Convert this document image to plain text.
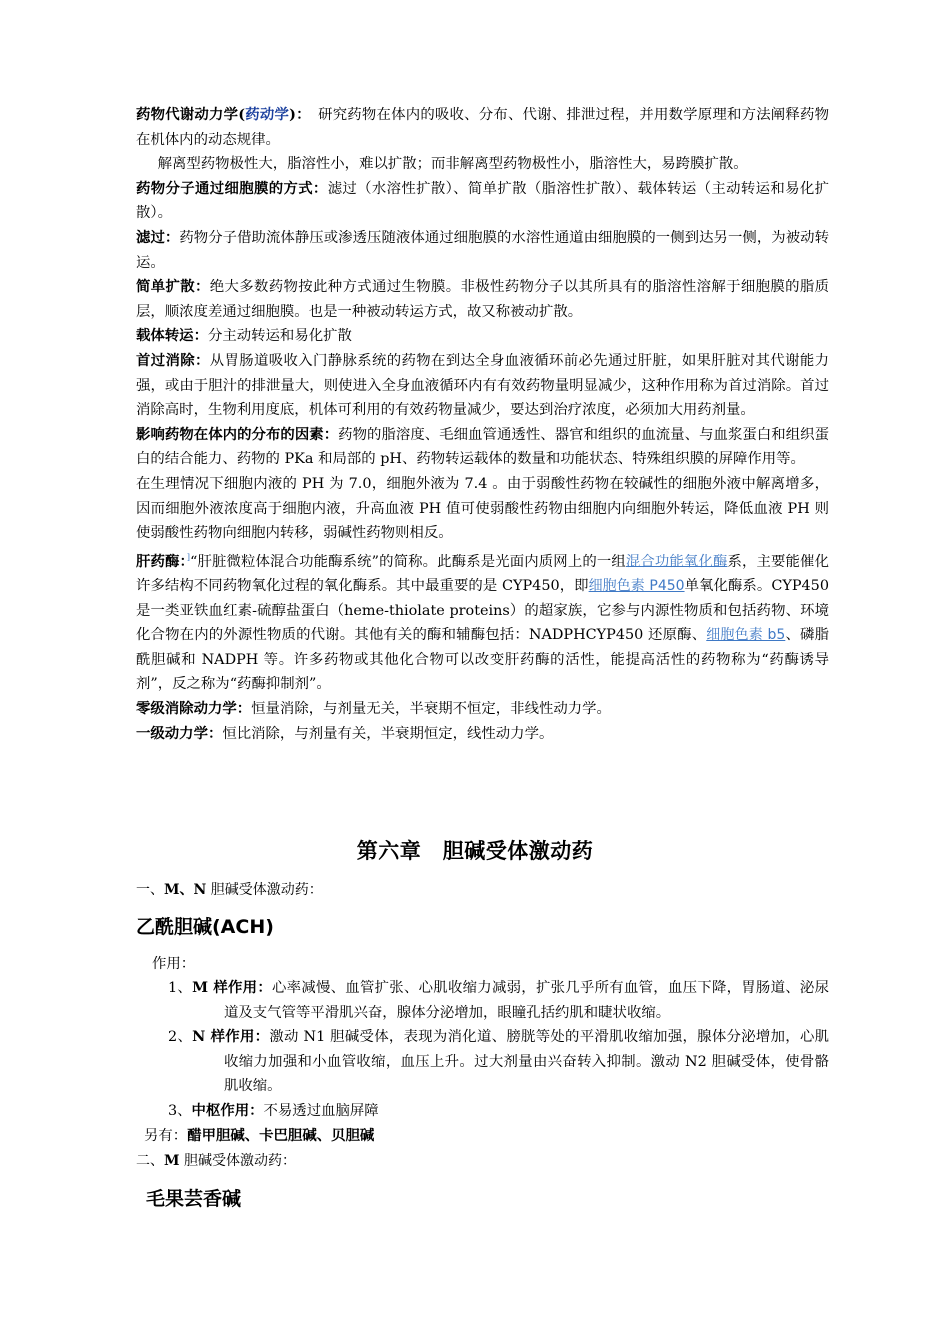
药物代谢动力学(药动学)：　研究药物在体内的吸收、分布、代谢、排泄过程，并用数学原理和方法阐释药物在机体内的动态规律。

解离型药物极性大，脂溶性小，难以扩散；而非解离型药物极性小，脂溶性大，易跨膜扩散。

药物分子通过细胞膜的方式：滤过（水溶性扩散）、简单扩散（脂溶性扩散）、载体转运（主动转运和易化扩散）。

滤过：药物分子借助流体静压或渗透压随液体通过细胞膜的水溶性通道由细胞膜的一侧到达另一侧，为被动转运。

简单扩散：绝大多数药物按此种方式通过生物膜。非极性药物分子以其所具有的脂溶性溶解于细胞膜的脂质层，顺浓度差通过细胞膜。也是一种被动转运方式，故又称被动扩散。

载体转运：分主动转运和易化扩散

首过消除：从胃肠道吸收入门静脉系统的药物在到达全身血液循环前必先通过肝脏，如果肝脏对其代谢能力强，或由于胆汁的排泄量大，则使进入全身血液循环内有有效药物量明显减少，这种作用称为首过消除。首过消除高时，生物利用度底，机体可利用的有效药物量减少，要达到治疗浓度，必须加大用药剂量。

影响药物在体内的分布的因素：药物的脂溶度、毛细血管通透性、器官和组织的血流量、与血浆蛋白和组织蛋白的结合能力、药物的 PKa 和局部的 pH、药物转运载体的数量和功能状态、特殊组织膜的屏障作用等。

在生理情况下细胞内液的 PH 为 7.0，细胞外液为 7.4 。由于弱酸性药物在较碱性的细胞外液中解离增多，因而细胞外液浓度高于细胞内液，升高血液 PH 值可使弱酸性药物由细胞内向细胞外转运，降低血液 PH 则使弱酸性药物向细胞内转移，弱碱性药物则相反。

肝药酶：]“肝脏微粒体混合功能酶系统”的简称。此酶系是光面内质网上的一组混合功能氧化酶系，主要能催化许多结构不同药物氧化过程的氧化酶系。其中最重要的是 CYP450，即细胞色素 P450单氧化酶系。CYP450 是一类亚铁血红素-硫醇盐蛋白（heme-thiolate proteins）的超家族，它参与内源性物质和包括药物、环境化合物在内的外源性物质的代谢。其他有关的酶和辅酶包括：NADPHCYP450 还原酶、细胞色素 b5、磷脂酰胆碱和 NADPH 等。许多药物或其他化合物可以改变肝药酶的活性，能提高活性的药物称为“药酶诱导剂”，反之称为“药酶抑制剂”。

零级消除动力学：恒量消除，与剂量无关，半衰期不恒定，非线性动力学。

一级动力学：恒比消除，与剂量有关，半衰期恒定，线性动力学。

第六章　胆碱受体激动药

一、M、N 胆碱受体激动药：

乙酰胆碱(ACH)

作用：

1、M 样作用：心率减慢、血管扩张、心肌收缩力减弱，扩张几乎所有血管，血压下降，胃肠道、泌尿道及支气管等平滑肌兴奋，腺体分泌增加，眼瞳孔括约肌和睫状收缩。

2、N 样作用：激动 N1 胆碱受体，表现为消化道、膀胱等处的平滑肌收缩加强，腺体分泌增加，心肌收缩力加强和小血管收缩，血压上升。过大剂量由兴奋转入抑制。激动 N2 胆碱受体，使骨骼肌收缩。

3、中枢作用：不易透过血脑屏障

另有：醋甲胆碱、卡巴胆碱、贝胆碱

二、M 胆碱受体激动药：

毛果芸香碱
